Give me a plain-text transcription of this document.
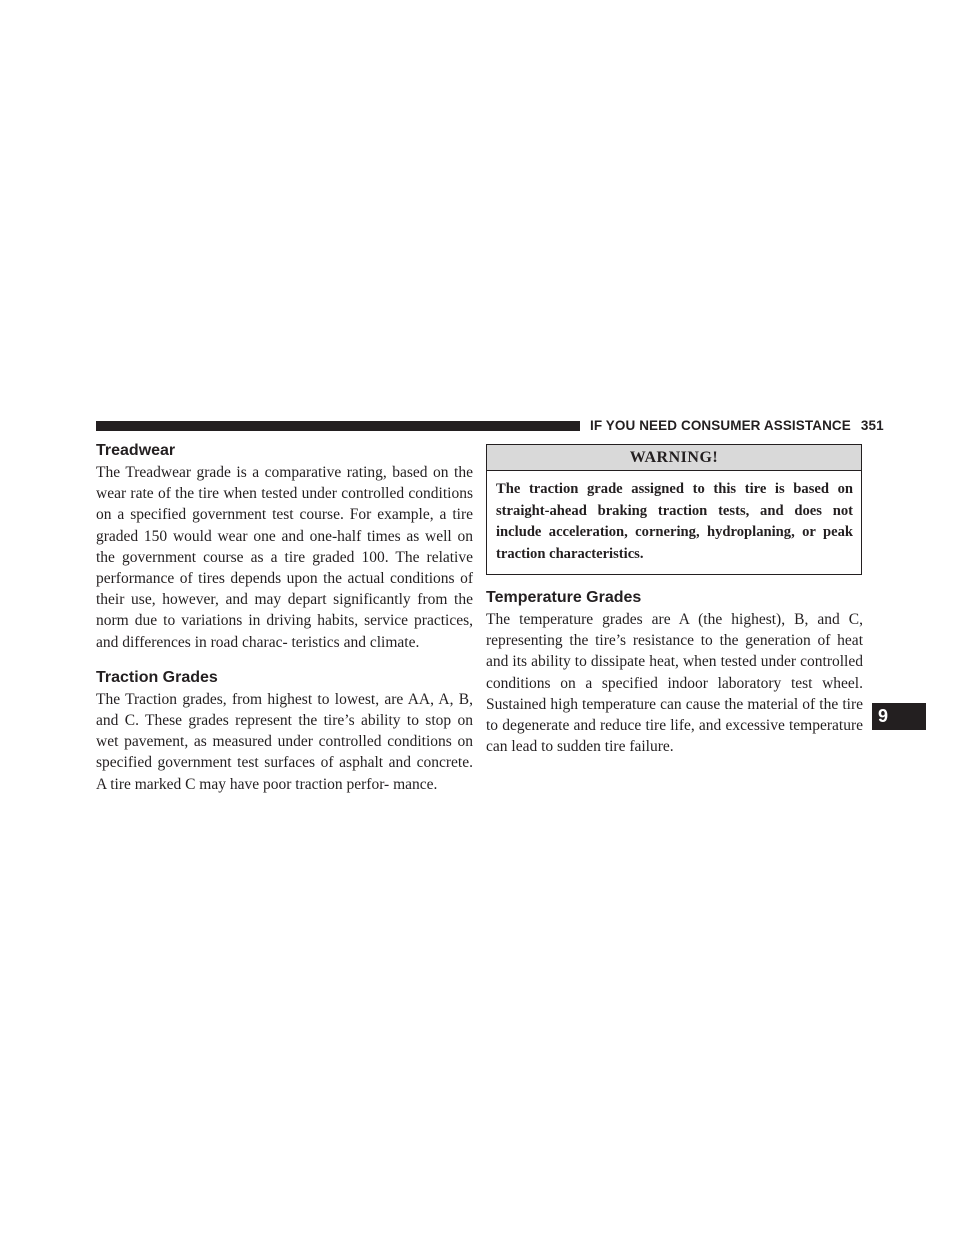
IF YOU NEED CONSUMER ASSISTANCE 351
Treadwear

The Treadwear grade is a comparative rating, based on the wear rate of the tire when tested under controlled conditions on a specified government test course. For example, a tire graded 150 would wear one and one-half times as well on the government course as a tire graded 100. The relative performance of tires depends upon the actual conditions of their use, however, and may depart significantly from the norm due to variations in driving habits, service practices, and differences in road charac- teristics and climate.

Traction Grades

The Traction grades, from highest to lowest, are AA, A, B, and C. These grades represent the tire’s ability to stop on wet pavement, as measured under controlled conditions on specified government test surfaces of asphalt and concrete. A tire marked C may have poor traction perfor- mance.

WARNING!
The traction grade assigned to this tire is based on straight-ahead braking traction tests, and does not include acceleration, cornering, hydroplaning, or peak traction characteristics.
Temperature Grades

The temperature grades are A (the highest), B, and C, representing the tire’s resistance to the generation of heat and its ability to dissipate heat, when tested under controlled conditions on a specified indoor laboratory test wheel. Sustained high temperature can cause the material of the tire to degenerate and reduce tire life, and excessive temperature can lead to sudden tire failure.

9
